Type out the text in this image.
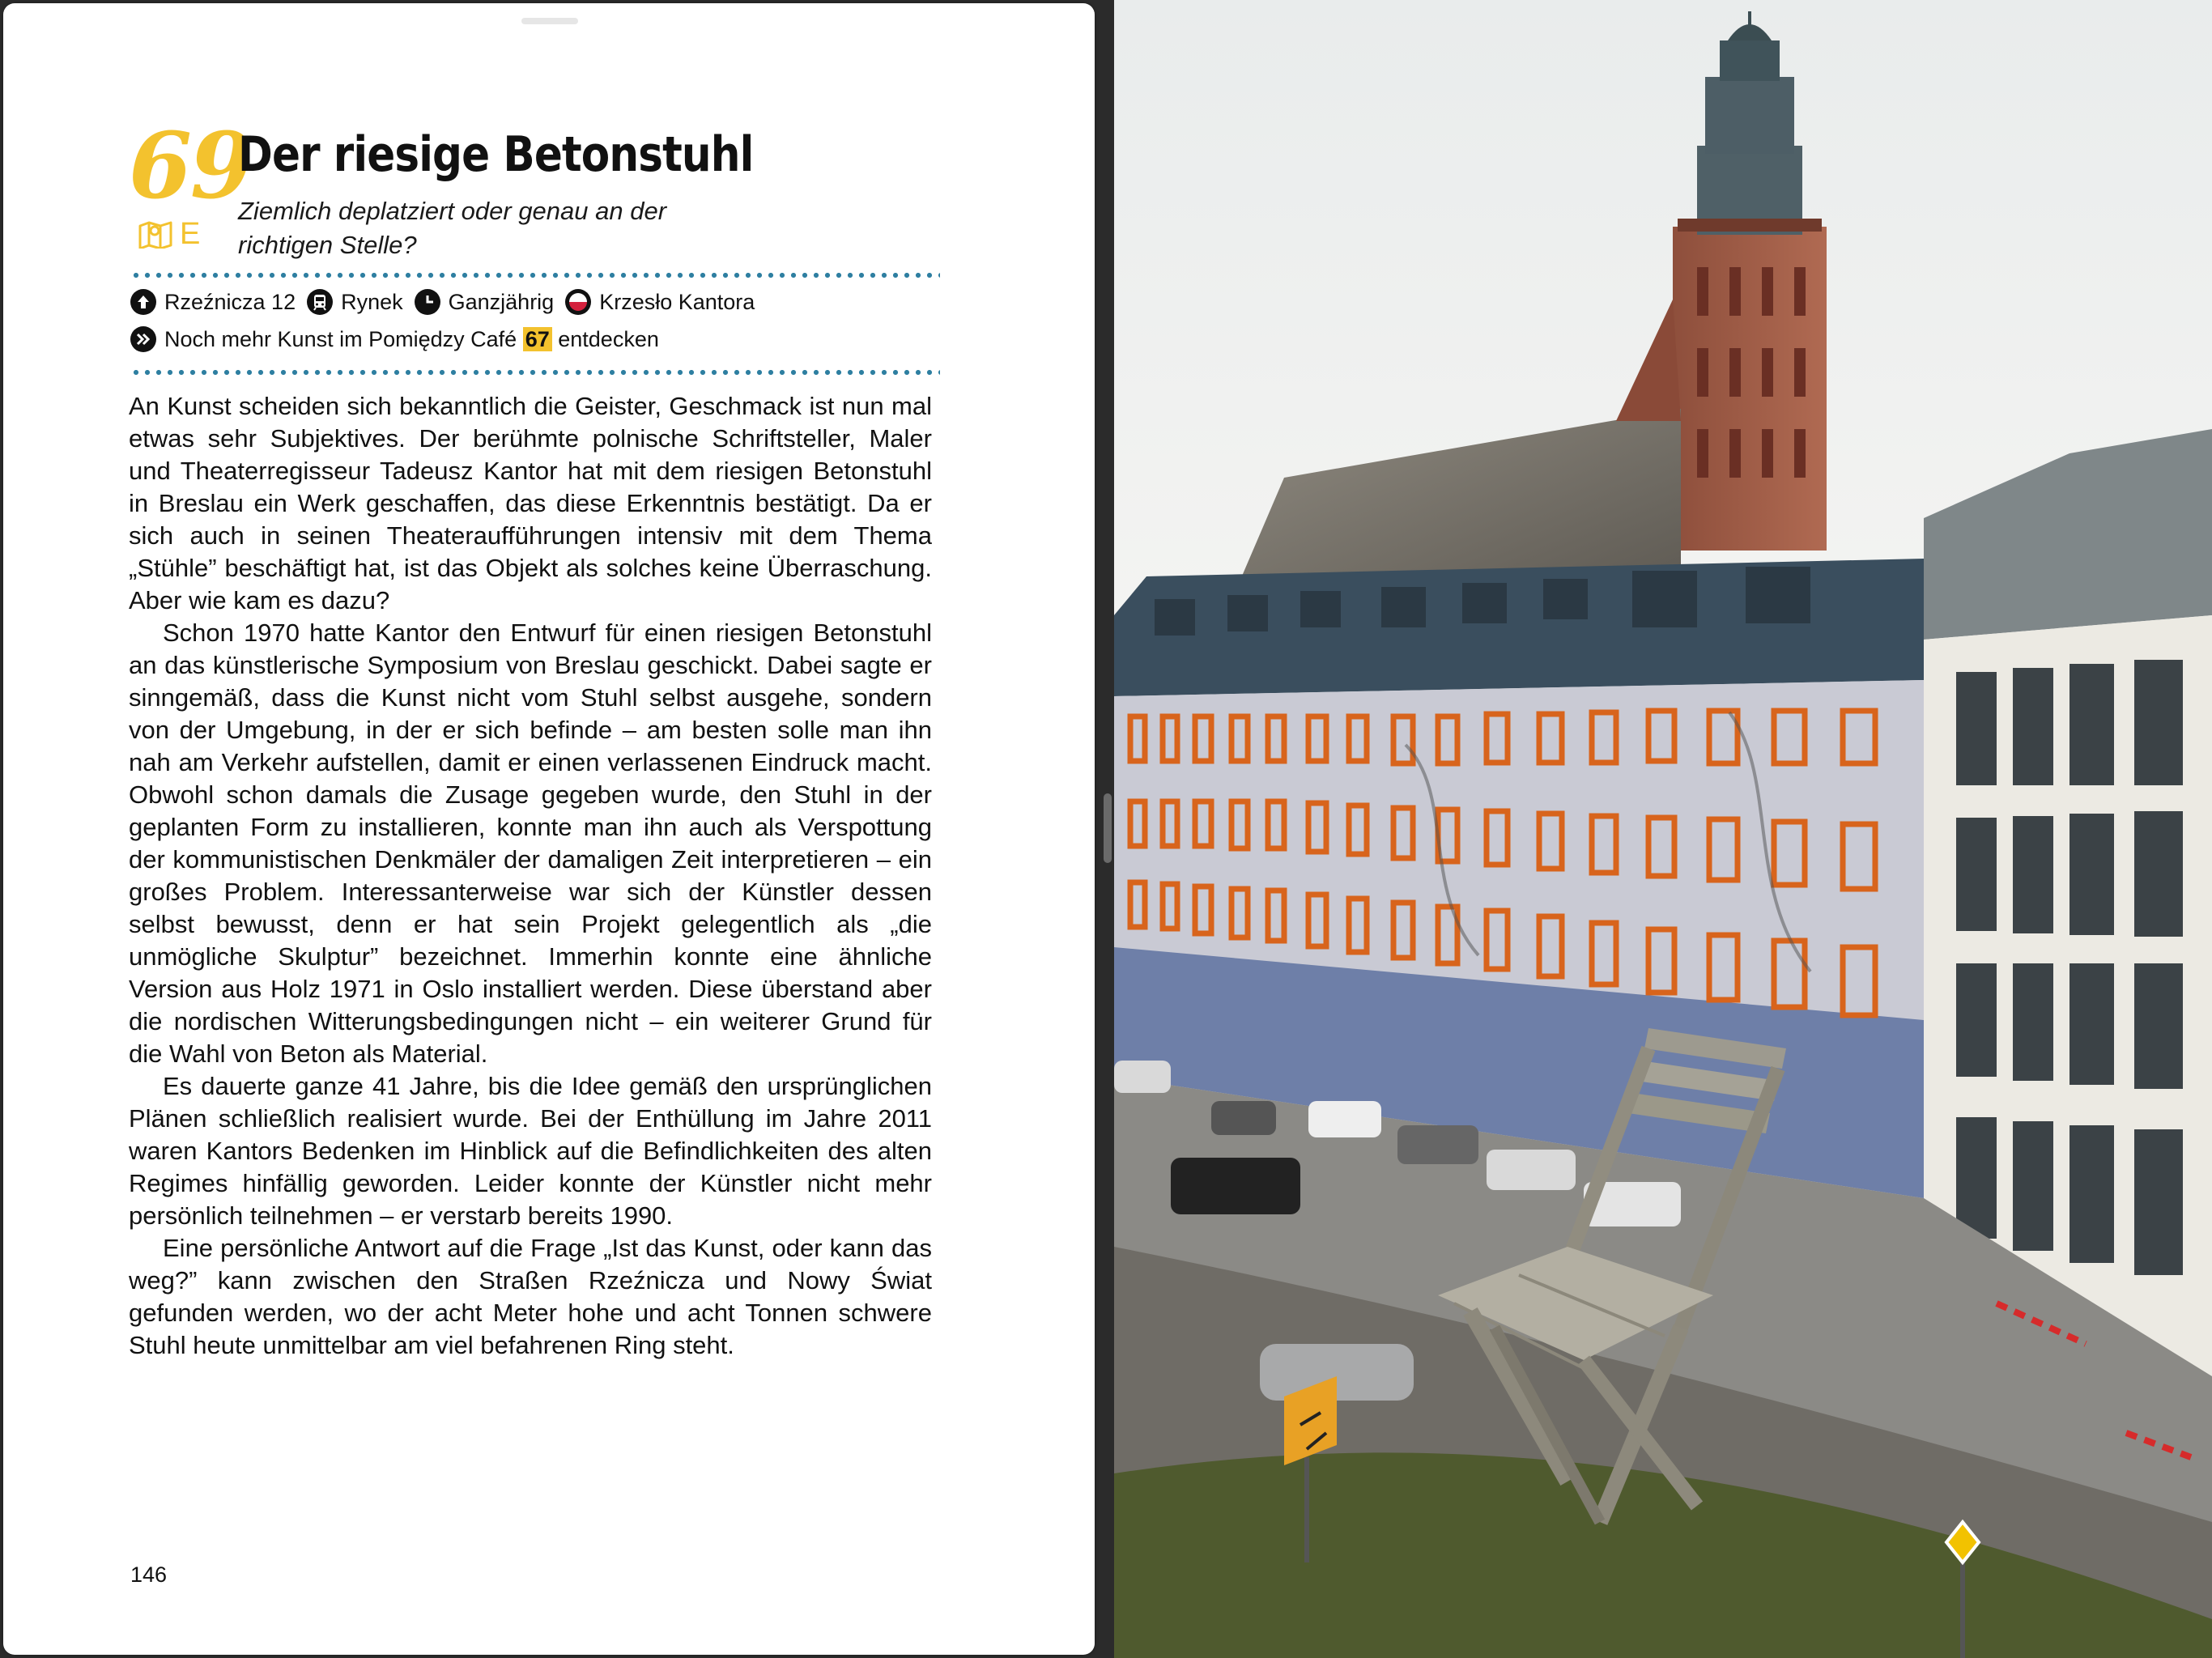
69
E
Der riesige Betonstuhl
Ziemlich deplatziert oder genau an der richtigen Stelle?
Rzeźnicza 12 Rynek Ganzjährig Krzesło Kantora
Noch mehr Kunst im Pomiędzy Café 67 entdecken

An Kunst scheiden sich bekanntlich die Geister, Geschmack ist nun mal etwas sehr Subjektives. Der berühmte polnische Schriftsteller, Maler und Theaterregisseur Tadeusz Kantor hat mit dem riesigen Betonstuhl in Breslau ein Werk geschaffen, das diese Erkenntnis bestätigt. Da er sich auch in seinen Theateraufführungen intensiv mit dem Thema „Stühle” beschäftigt hat, ist das Objekt als solches keine Überraschung. Aber wie kam es dazu?

Schon 1970 hatte Kantor den Entwurf für einen riesigen Betonstuhl an das künstlerische Symposium von Breslau geschickt. Dabei sagte er sinngemäß, dass die Kunst nicht vom Stuhl selbst ausgehe, sondern von der Umgebung, in der er sich befinde – am besten solle man ihn nah am Verkehr aufstellen, damit er einen verlassenen Eindruck macht. Obwohl schon damals die Zusage gegeben wurde, den Stuhl in der geplanten Form zu installieren, konnte man ihn auch als Verspottung der kommunistischen Denkmäler der damaligen Zeit interpretieren – ein großes Problem. Interessanterweise war sich der Künstler dessen selbst bewusst, denn er hat sein Projekt gelegentlich als „die unmögliche Skulptur” bezeichnet. Immerhin konnte eine ähnliche Version aus Holz 1971 in Oslo installiert werden. Diese überstand aber die nordischen Witterungsbedingungen nicht – ein weiterer Grund für die Wahl von Beton als Material.

Es dauerte ganze 41 Jahre, bis die Idee gemäß den ursprünglichen Plänen schließlich realisiert wurde. Bei der Enthüllung im Jahre 2011 waren Kantors Bedenken im Hinblick auf die Befindlichkeiten des alten Regimes hinfällig geworden. Leider konnte der Künstler nicht mehr persönlich teilnehmen – er verstarb bereits 1990.

Eine persönliche Antwort auf die Frage „Ist das Kunst, oder kann das weg?” kann zwischen den Straßen Rzeźnicza und Nowy Świat gefunden werden, wo der acht Meter hohe und acht Tonnen schwere Stuhl heute unmittelbar am viel befahrenen Ring steht.

146
